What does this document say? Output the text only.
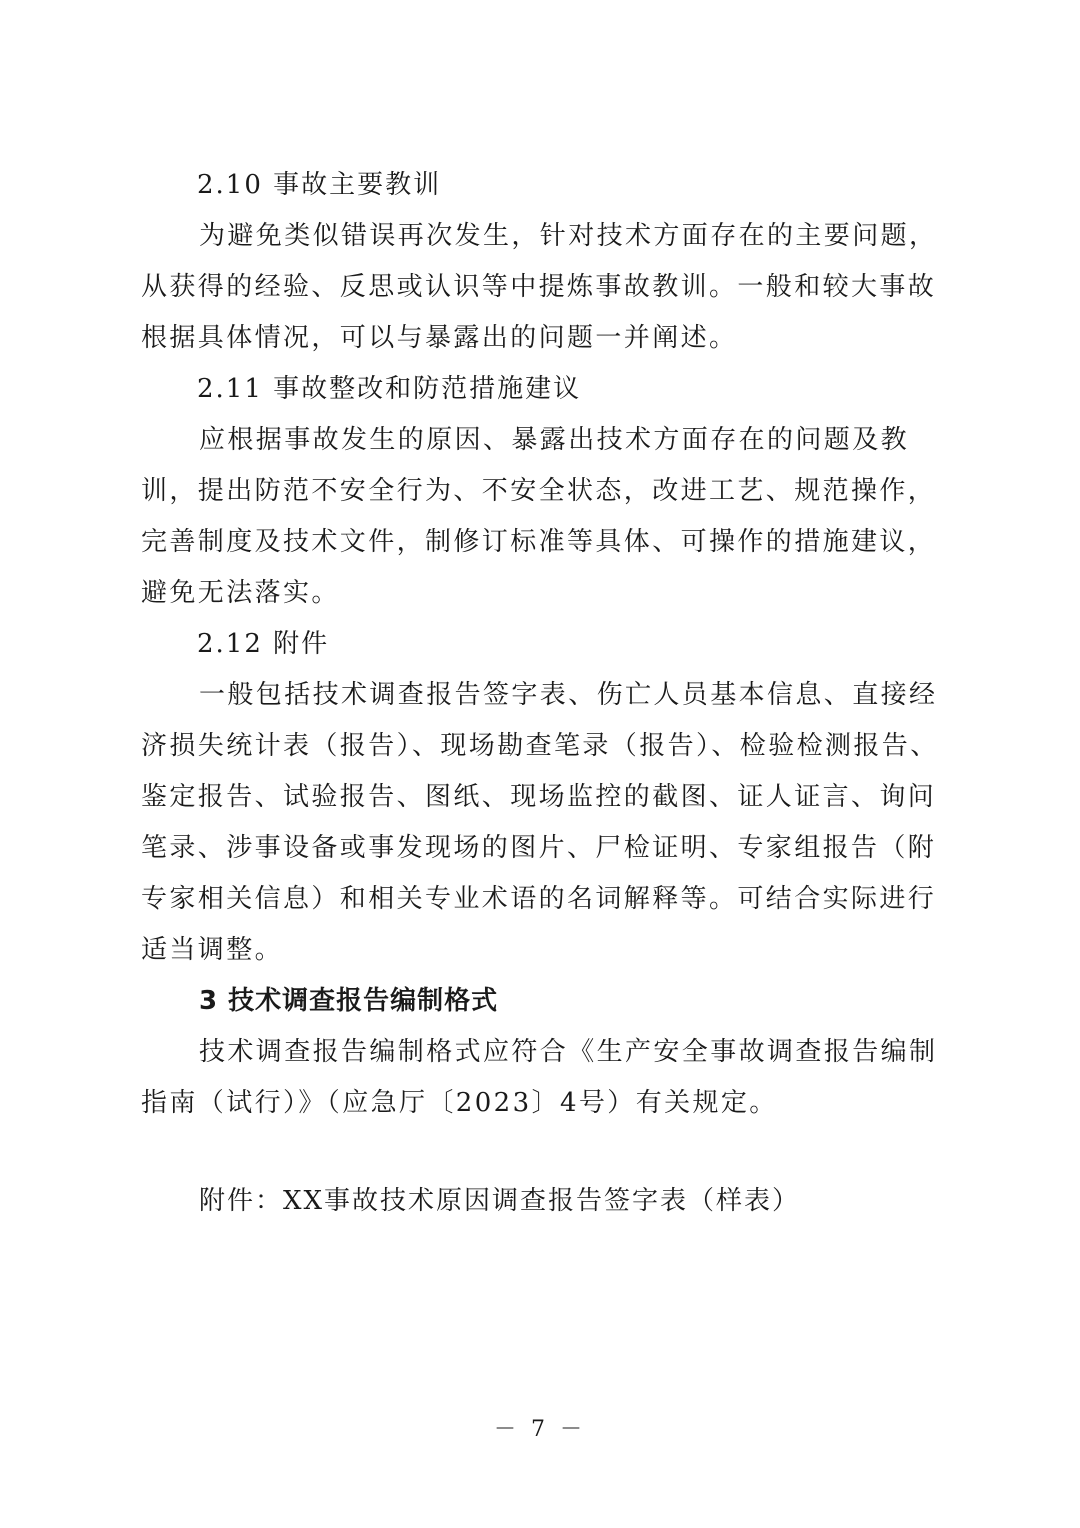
2.10 事故主要教训
为避免类似错误再次发生，针对技术方面存在的主要问题，
从获得的经验、反思或认识等中提炼事故教训。一般和较大事故
根据具体情况，可以与暴露出的问题一并阐述。
2.11 事故整改和防范措施建议
应根据事故发生的原因、暴露出技术方面存在的问题及教
训，提出防范不安全行为、不安全状态，改进工艺、规范操作，
完善制度及技术文件，制修订标准等具体、可操作的措施建议，
避免无法落实。
2.12 附件
一般包括技术调查报告签字表、伤亡人员基本信息、直接经
济损失统计表（报告）、现场勘查笔录（报告）、检验检测报告、
鉴定报告、试验报告、图纸、现场监控的截图、证人证言、询问
笔录、涉事设备或事发现场的图片、尸检证明、专家组报告（附
专家相关信息）和相关专业术语的名词解释等。可结合实际进行
适当调整。
3 技术调查报告编制格式
技术调查报告编制格式应符合《生产安全事故调查报告编制
指南（试行）》（应急厅〔2023〕4号）有关规定。
附件：XX事故技术原因调查报告签字表（样表）
－ 7 －
